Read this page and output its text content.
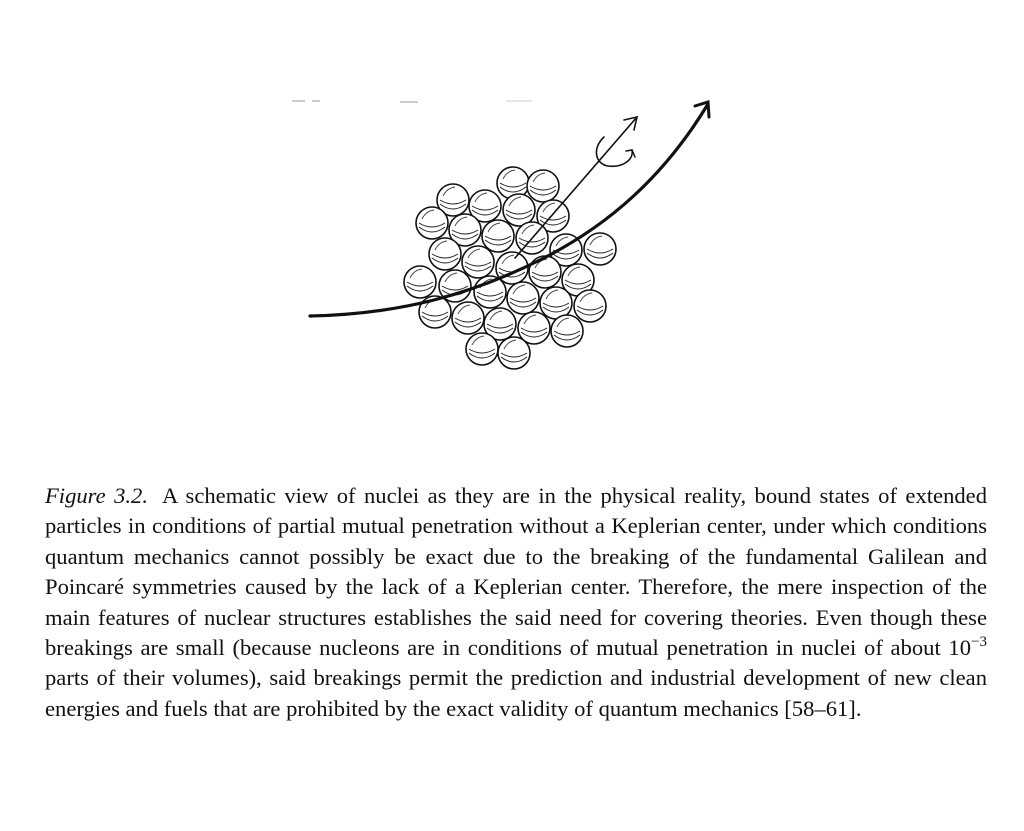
Figure 3.2. A schematic view of nuclei as they are in the physical reality, bound states of extended particles in conditions of partial mutual penetration without a Keplerian center, under which conditions quantum mechanics cannot possibly be exact due to the breaking of the fundamental Galilean and Poincaré symmetries caused by the lack of a Keplerian center. Therefore, the mere inspection of the main features of nuclear structures establishes the said need for covering theories. Even though these breakings are small (because nucleons are in conditions of mutual penetration in nuclei of about $10^{-3}$ parts of their volumes), said breakings permit the prediction and industrial development of new clean energies and fuels that are prohibited by the exact validity of quantum mechanics [58–61].
